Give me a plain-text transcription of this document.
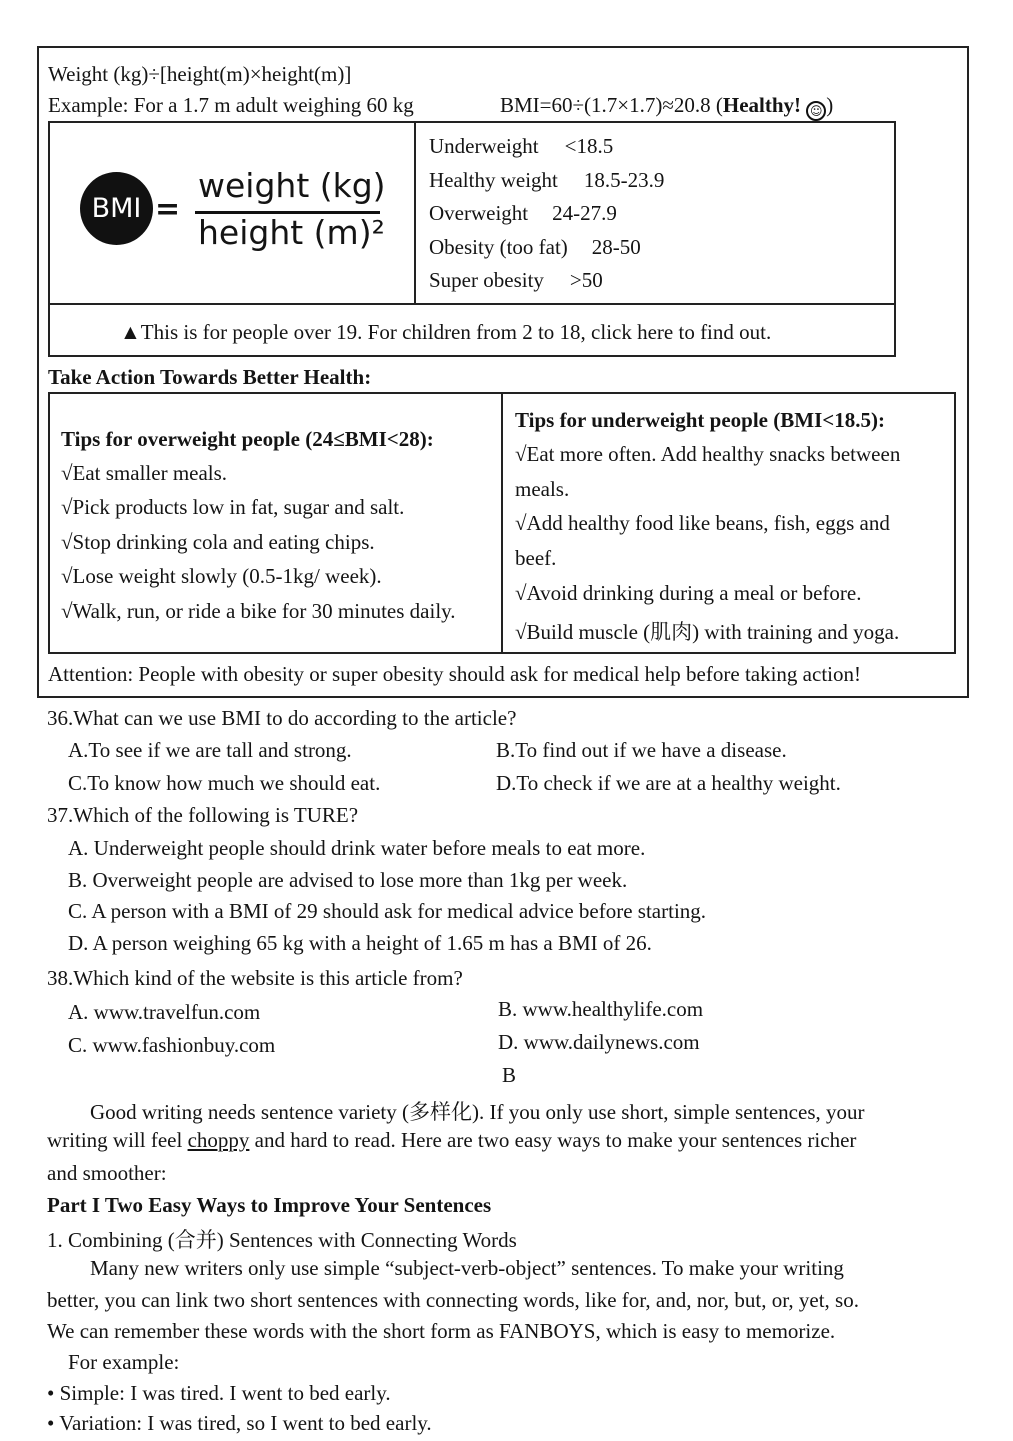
Weight (kg)÷[height(m)×height(m)]
Example: For a 1.7 m adult weighing 60 kg	BMI=60÷(1.7×1.7)≈20.8 (Healthy! ☺ )
BMI =
weight (kg)
height (m)²
Underweight <18.5
Healthy weight 18.5-23.9
Overweight 24-27.9
Obesity (too fat) 28-50
Super obesity >50
▲This is for people over 19. For children from 2 to 18, click here to find out.
Take Action Towards Better Health:
Tips for overweight people (24≤BMI<28):
√Eat smaller meals.
√Pick products low in fat, sugar and salt.
√Stop drinking cola and eating chips.
√Lose weight slowly (0.5-1kg/ week).
√Walk, run, or ride a bike for 30 minutes daily.
Tips for underweight people (BMI<18.5):
√Eat more often. Add healthy snacks between
meals.
√Add healthy food like beans, fish, eggs and
beef.
√Avoid drinking during a meal or before.
√Build muscle (肌肉) with training and yoga.
Attention: People with obesity or super obesity should ask for medical help before taking action!
36.What can we use BMI to do according to the article?
A.To see if we are tall and strong.	B.To find out if we have a disease.
C.To know how much we should eat.	D.To check if we are at a healthy weight.
37.Which of the following is TURE?
A. Underweight people should drink water before meals to eat more.
B. Overweight people are advised to lose more than 1kg per week.
C. A person with a BMI of 29 should ask for medical advice before starting.
D. A person weighing 65 kg with a height of 1.65 m has a BMI of 26.
38.Which kind of the website is this article from?
A. www.travelfun.com	B. www.healthylife.com
C. www.fashionbuy.com	D. www.dailynews.com
B
Good writing needs sentence variety (多样化). If you only use short, simple sentences, your
writing will feel choppy and hard to read. Here are two easy ways to make your sentences richer
and smoother:
Part I Two Easy Ways to Improve Your Sentences
1. Combining (合并) Sentences with Connecting Words
Many new writers only use simple “subject-verb-object” sentences. To make your writing
better, you can link two short sentences with connecting words, like for, and, nor, but, or, yet, so.
We can remember these words with the short form as FANBOYS, which is easy to memorize.
For example:
• Simple: I was tired. I went to bed early.
• Variation: I was tired, so I went to bed early.
